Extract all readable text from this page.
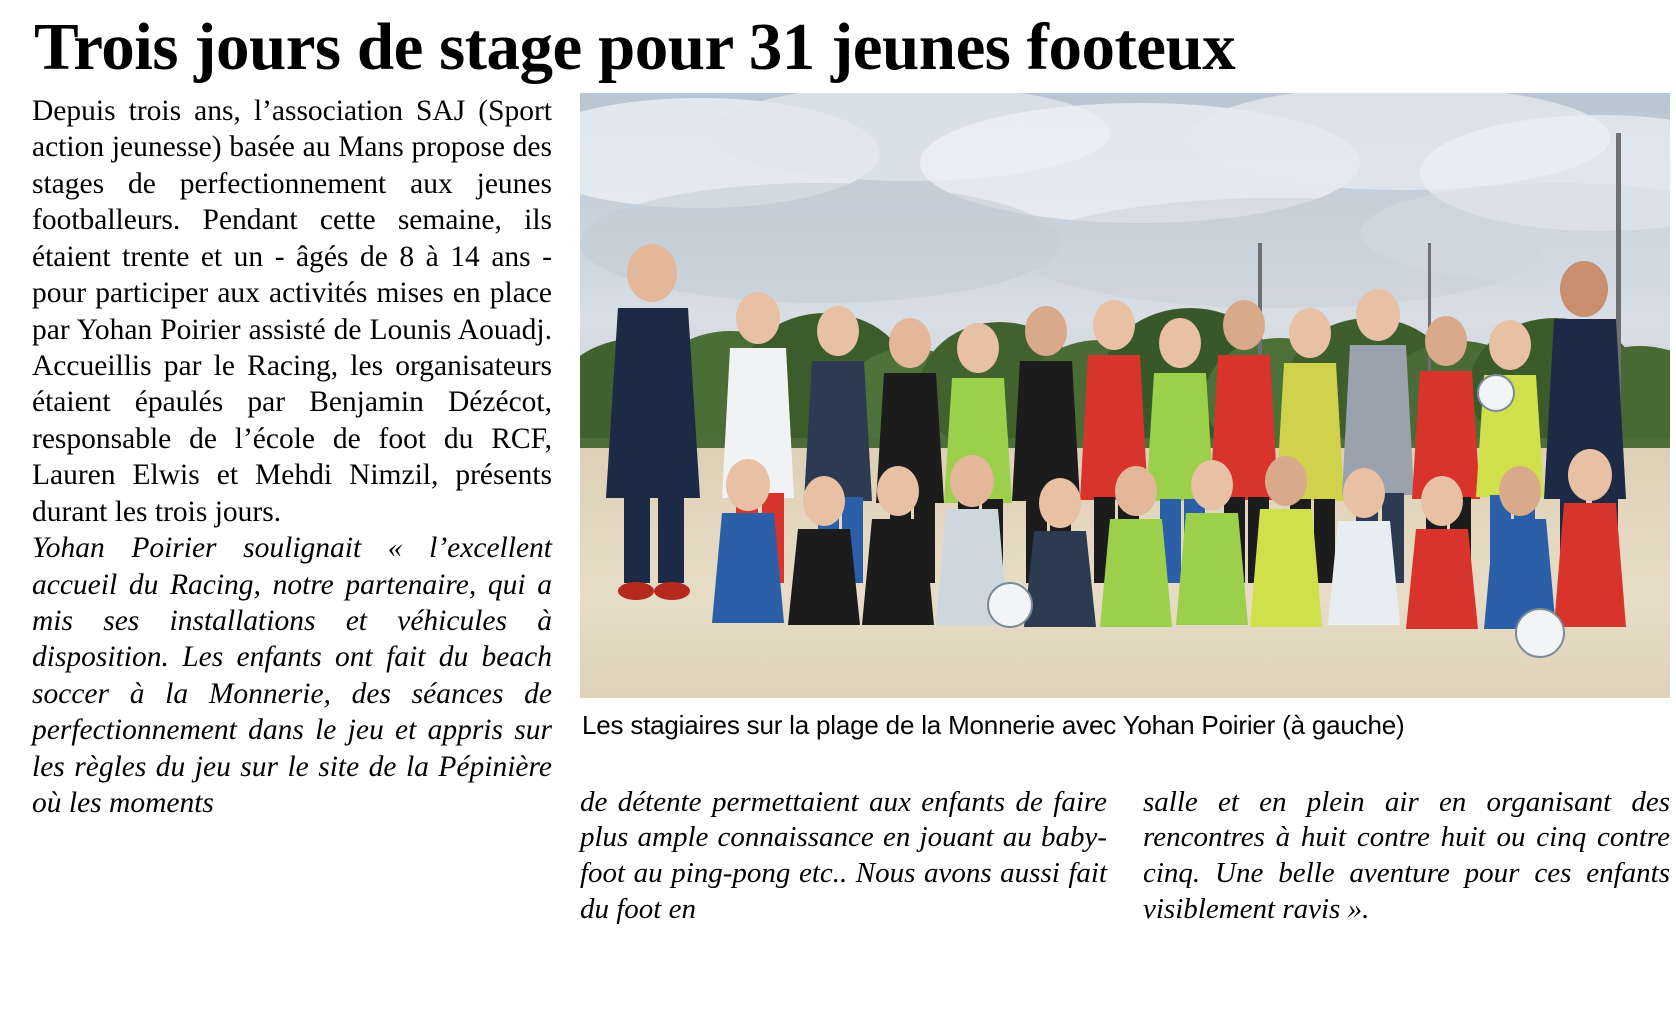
Trois jours de stage pour 31 jeunes footeux

Depuis trois ans, l’association SAJ (Sport action jeunesse) basée au Mans propose des stages de perfectionnement aux jeunes footballeurs. Pendant cette semaine, ils étaient trente et un - âgés de 8 à 14 ans - pour participer aux activités mises en place par Yohan Poirier assisté de Lounis Aouadj. Accueillis par le Racing, les organisateurs étaient épaulés par Benjamin Dézécot, responsable de l’école de foot du RCF, Lauren Elwis et Mehdi Nimzil, présents durant les trois jours.

Yohan Poirier soulignait « l’excellent accueil du Racing, notre partenaire, qui a mis ses installations et véhicules à disposition. Les enfants ont fait du beach soccer à la Monnerie, des séances de perfectionnement dans le jeu et appris sur les règles du jeu sur le site de la Pépinière où les moments

Les stagiaires sur la plage de la Monnerie avec Yohan Poirier (à gauche)

de détente permettaient aux enfants de faire plus ample connaissance en jouant au baby-foot au ping-pong etc.. Nous avons aussi fait du foot en

salle et en plein air en organisant des rencontres à huit contre huit ou cinq contre cinq. Une belle aventure pour ces enfants visiblement ravis ».
